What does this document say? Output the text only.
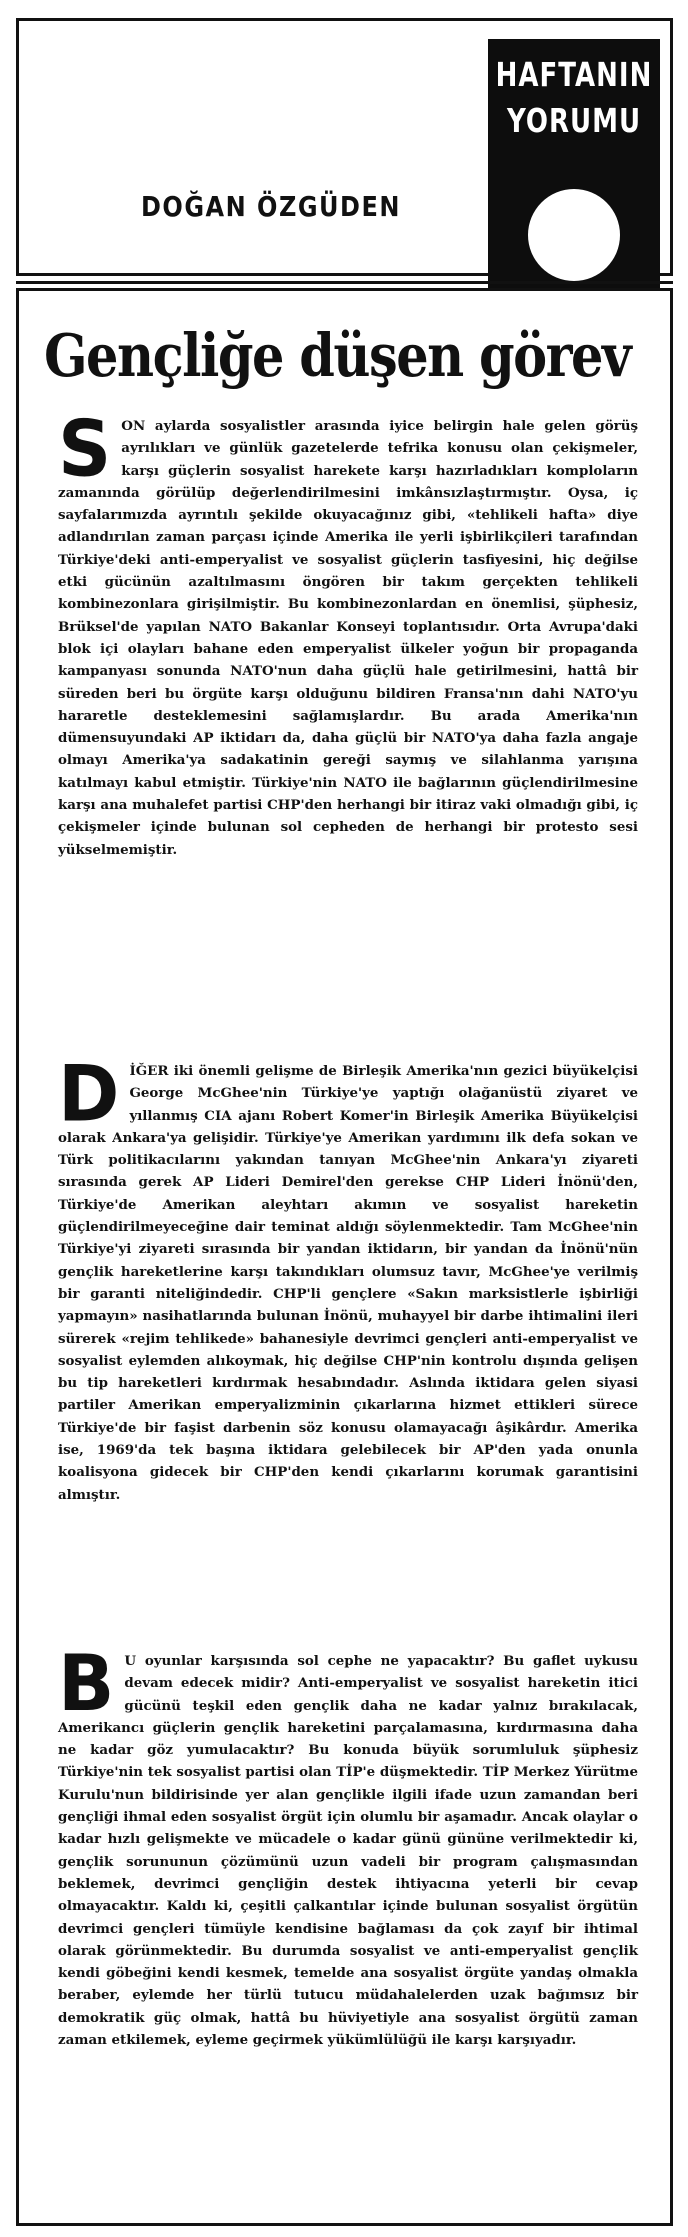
HAFTANIN
YORUMU
DOĞAN ÖZGÜDEN
Gençliğe düşen görev

S ON aylarda sosyalistler arasında iyice belirgin hale gelen görüş ayrılıkları ve günlük gazetelerde tefrika konusu olan çekişmeler, karşı güçlerin sosyalist harekete karşı hazırladıkları komploların zamanında görülüp değerlendirilmesini imkânsızlaştırmıştır. Oysa, iç sayfalarımızda ayrıntılı şekilde okuyacağınız gibi, «tehlikeli hafta» diye adlandırılan zaman parçası içinde Amerika ile yerli işbirlikçileri tarafından Türkiye'deki anti-emperyalist ve sosyalist güçlerin tasfiyesini, hiç değilse etki gücünün azaltılmasını öngören bir takım gerçekten tehlikeli kombinezonlara girişilmiştir. Bu kombinezonlardan en önemlisi, şüphesiz, Brüksel'de yapılan NATO Bakanlar Konseyi toplantısıdır. Orta Avrupa'daki blok içi olayları bahane eden emperyalist ülkeler yoğun bir propaganda kampanyası sonunda NATO'nun daha güçlü hale getirilmesini, hattâ bir süreden beri bu örgüte karşı olduğunu bildiren Fransa'nın dahi NATO'yu hararetle desteklemesini sağlamışlardır. Bu arada Amerika'nın dümensuyundaki AP iktidarı da, daha güçlü bir NATO'ya daha fazla angaje olmayı Amerika'ya sadakatinin gereği saymış ve silahlanma yarışına katılmayı kabul etmiştir. Türkiye'nin NATO ile bağlarının güçlendirilmesine karşı ana muhalefet partisi CHP'den herhangi bir itiraz vaki olmadığı gibi, iç çekişmeler içinde bulunan sol cepheden de herhangi bir protesto sesi yükselmemiştir.

D İĞER iki önemli gelişme de Birleşik Amerika'nın gezici büyükelçisi George McGhee'nin Türkiye'ye yaptığı olağanüstü ziyaret ve yıllanmış CIA ajanı Robert Komer'in Birleşik Amerika Büyükelçisi olarak Ankara'ya gelişidir. Türkiye'ye Amerikan yardımını ilk defa sokan ve Türk politikacılarını yakından tanıyan McGhee'nin Ankara'yı ziyareti sırasında gerek AP Lideri Demirel'den gerekse CHP Lideri İnönü'den, Türkiye'de Amerikan aleyhtarı akımın ve sosyalist hareketin güçlendirilmeyeceğine dair teminat aldığı söylenmektedir. Tam McGhee'nin Türkiye'yi ziyareti sırasında bir yandan iktidarın, bir yandan da İnönü'nün gençlik hareketlerine karşı takındıkları olumsuz tavır, McGhee'ye verilmiş bir garanti niteliğindedir. CHP'li gençlere «Sakın marksistlerle işbirliği yapmayın» nasihatlarında bulunan İnönü, muhayyel bir darbe ihtimalini ileri sürerek «rejim tehlikede» bahanesiyle devrimci gençleri anti-emperyalist ve sosyalist eylemden alıkoymak, hiç değilse CHP'nin kontrolu dışında gelişen bu tip hareketleri kırdırmak hesabındadır. Aslında iktidara gelen siyasi partiler Amerikan emperyalizminin çıkarlarına hizmet ettikleri sürece Türkiye'de bir faşist darbenin söz konusu olamayacağı âşikârdır. Amerika ise, 1969'da tek başına iktidara gelebilecek bir AP'den yada onunla koalisyona gidecek bir CHP'den kendi çıkarlarını korumak garantisini almıştır.

B U oyunlar karşısında sol cephe ne yapacaktır? Bu gaflet uykusu devam edecek midir? Anti-emperyalist ve sosyalist hareketin itici gücünü teşkil eden gençlik daha ne kadar yalnız bırakılacak, Amerikancı güçlerin gençlik hareketini parçalamasına, kırdırmasına daha ne kadar göz yumulacaktır? Bu konuda büyük sorumluluk şüphesiz Türkiye'nin tek sosyalist partisi olan TİP'e düşmektedir. TİP Merkez Yürütme Kurulu'nun bildirisinde yer alan gençlikle ilgili ifade uzun zamandan beri gençliği ihmal eden sosyalist örgüt için olumlu bir aşamadır. Ancak olaylar o kadar hızlı gelişmekte ve mücadele o kadar günü gününe verilmektedir ki, gençlik sorununun çözümünü uzun vadeli bir program çalışmasından beklemek, devrimci gençliğin destek ihtiyacına yeterli bir cevap olmayacaktır. Kaldı ki, çeşitli çalkantılar içinde bulunan sosyalist örgütün devrimci gençleri tümüyle kendisine bağlaması da çok zayıf bir ihtimal olarak görünmektedir. Bu durumda sosyalist ve anti-emperyalist gençlik kendi göbeğini kendi kesmek, temelde ana sosyalist örgüte yandaş olmakla beraber, eylemde her türlü tutucu müdahalelerden uzak bağımsız bir demokratik güç olmak, hattâ bu hüviyetiyle ana sosyalist örgütü zaman zaman etkilemek, eyleme geçirmek yükümlülüğü ile karşı karşıyadır.
